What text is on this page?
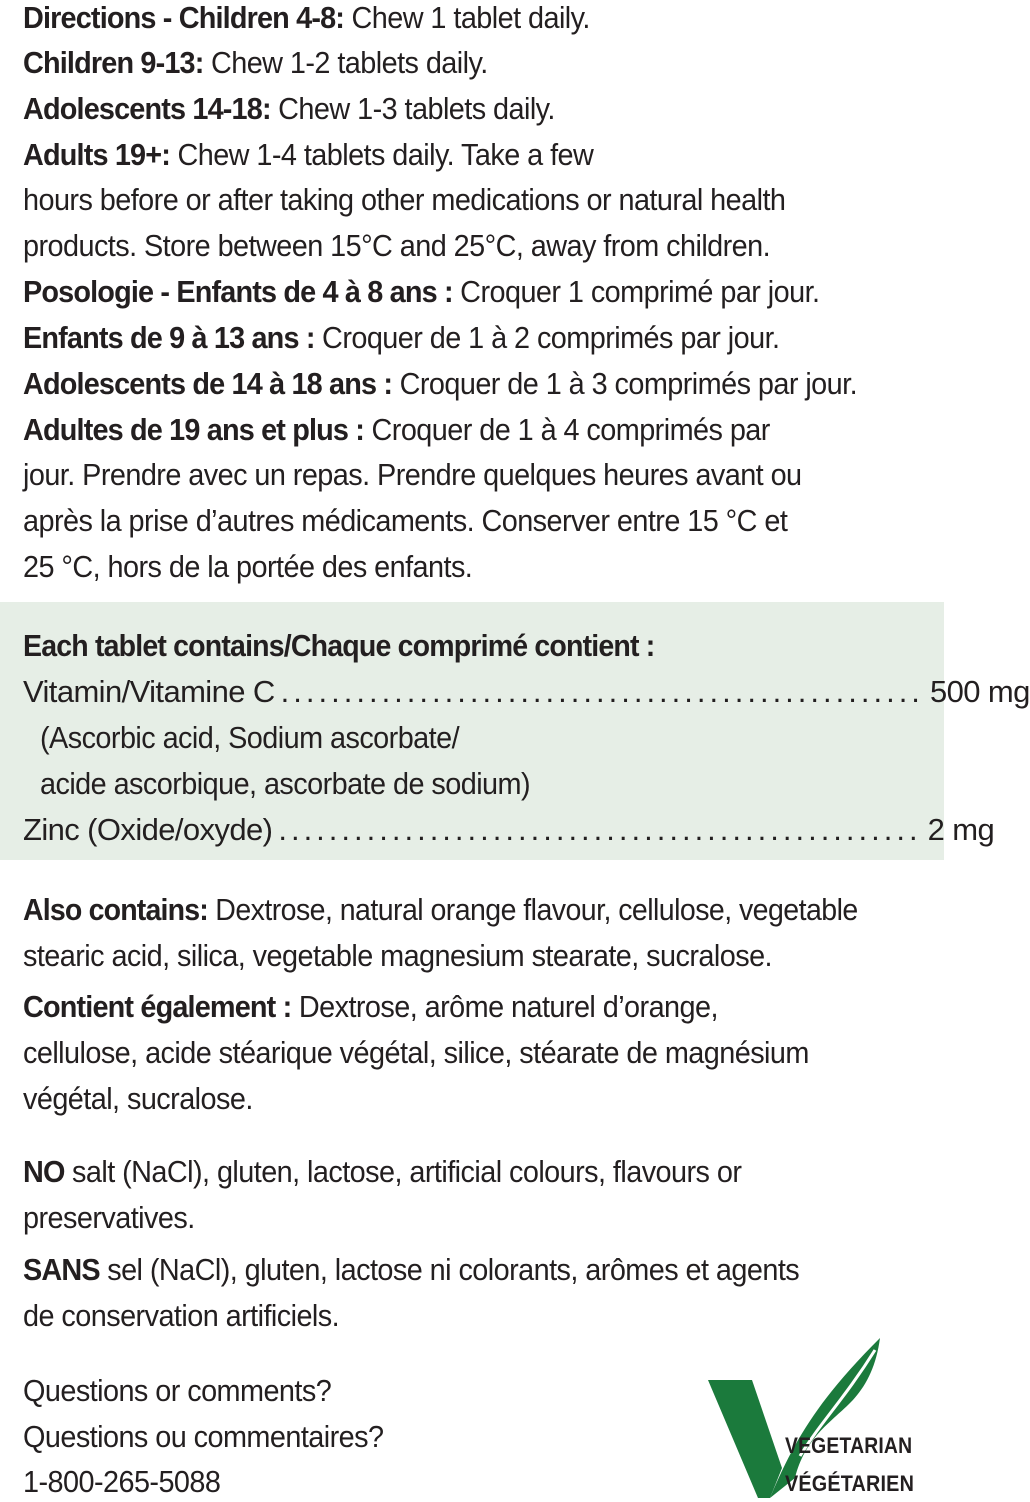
Directions - Children 4-8: Chew 1 tablet daily.
Children 9-13: Chew 1-2 tablets daily.
Adolescents 14-18: Chew 1-3 tablets daily.
Adults 19+: Chew 1-4 tablets daily. Take a few
hours before or after taking other medications or natural health
products. Store between 15°C and 25°C, away from children.
Posologie - Enfants de 4 à 8 ans : Croquer 1 comprimé par jour.
Enfants de 9 à 13 ans : Croquer de 1 à 2 comprimés par jour.
Adolescents de 14 à 18 ans : Croquer de 1 à 3 comprimés par jour.
Adultes de 19 ans et plus : Croquer de 1 à 4 comprimés par
jour. Prendre avec un repas. Prendre quelques heures avant ou
après la prise d’autres médicaments. Conserver entre 15 °C et
25 °C, hors de la portée des enfants.
Each tablet contains/Chaque comprimé contient :
Vitamin/Vitamine C ................................................... 500 mg
(Ascorbic acid, Sodium ascorbate/
acide ascorbique, ascorbate de sodium)
Zinc (Oxide/oxyde) ................................................... 2 mg
Also contains: Dextrose, natural orange flavour, cellulose, vegetable
stearic acid, silica, vegetable magnesium stearate, sucralose.
Contient également : Dextrose, arôme naturel d’orange,
cellulose, acide stéarique végétal, silice, stéarate de magnésium
végétal, sucralose.
NO salt (NaCl), gluten, lactose, artificial colours, flavours or
preservatives.
SANS sel (NaCl), gluten, lactose ni colorants, arômes et agents
de conservation artificiels.
Questions or comments?
Questions ou commentaires?
1-800-265-5088
VEGETARIAN
VÉGÉTARIEN
